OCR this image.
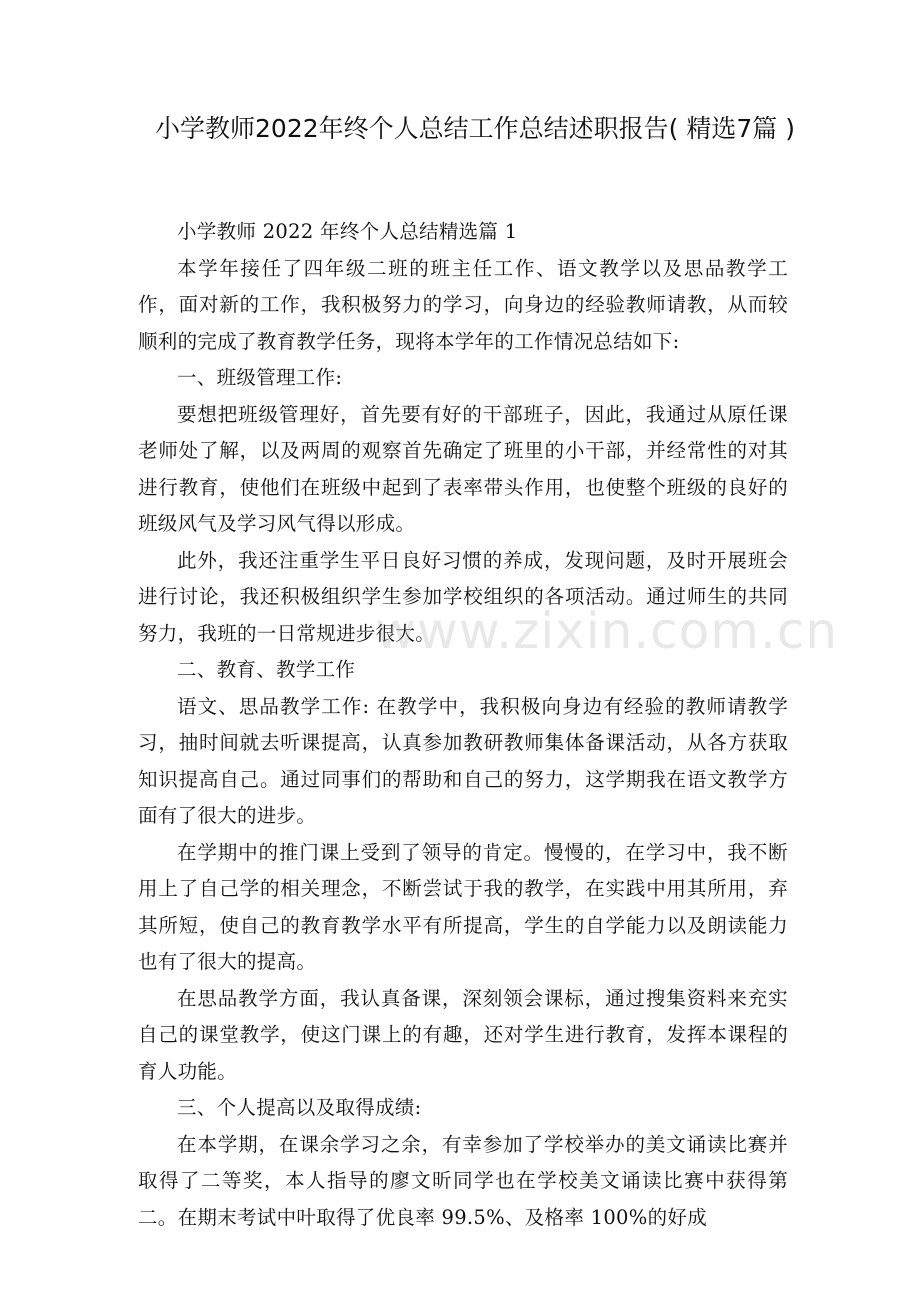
小学教师2022年终个人总结工作总结述职报告( 精选7篇 )

小学教师 2022 年终个人总结精选篇 1

本学年接任了四年级二班的班主任工作、语文教学以及思品教学工作，面对新的工作，我积极努力的学习，向身边的经验教师请教，从而较顺利的完成了教育教学任务，现将本学年的工作情况总结如下:

一、班级管理工作:

要想把班级管理好，首先要有好的干部班子，因此，我通过从原任课老师处了解，以及两周的观察首先确定了班里的小干部，并经常性的对其进行教育，使他们在班级中起到了表率带头作用，也使整个班级的良好的班级风气及学习风气得以形成。

此外，我还注重学生平日良好习惯的养成，发现问题，及时开展班会进行讨论，我还积极组织学生参加学校组织的各项活动。通过师生的共同努力，我班的一日常规进步很大。

二、教育、教学工作

语文、思品教学工作: 在教学中，我积极向身边有经验的教师请教学习，抽时间就去听课提高，认真参加教研教师集体备课活动，从各方获取知识提高自己。通过同事们的帮助和自己的努力，这学期我在语文教学方面有了很大的进步。

在学期中的推门课上受到了领导的肯定。慢慢的，在学习中，我不断用上了自己学的相关理念，不断尝试于我的教学，在实践中用其所用，弃其所短，使自己的教育教学水平有所提高，学生的自学能力以及朗读能力也有了很大的提高。

在思品教学方面，我认真备课，深刻领会课标，通过搜集资料来充实自己的课堂教学，使这门课上的有趣，还对学生进行教育，发挥本课程的育人功能。

三、个人提高以及取得成绩:

在本学期，在课余学习之余，有幸参加了学校举办的美文诵读比赛并取得了二等奖，本人指导的廖文昕同学也在学校美文诵读比赛中获得第二。在期末考试中叶取得了优良率 99.5%、及格率 100%的好成

www.zixin.com.cn
